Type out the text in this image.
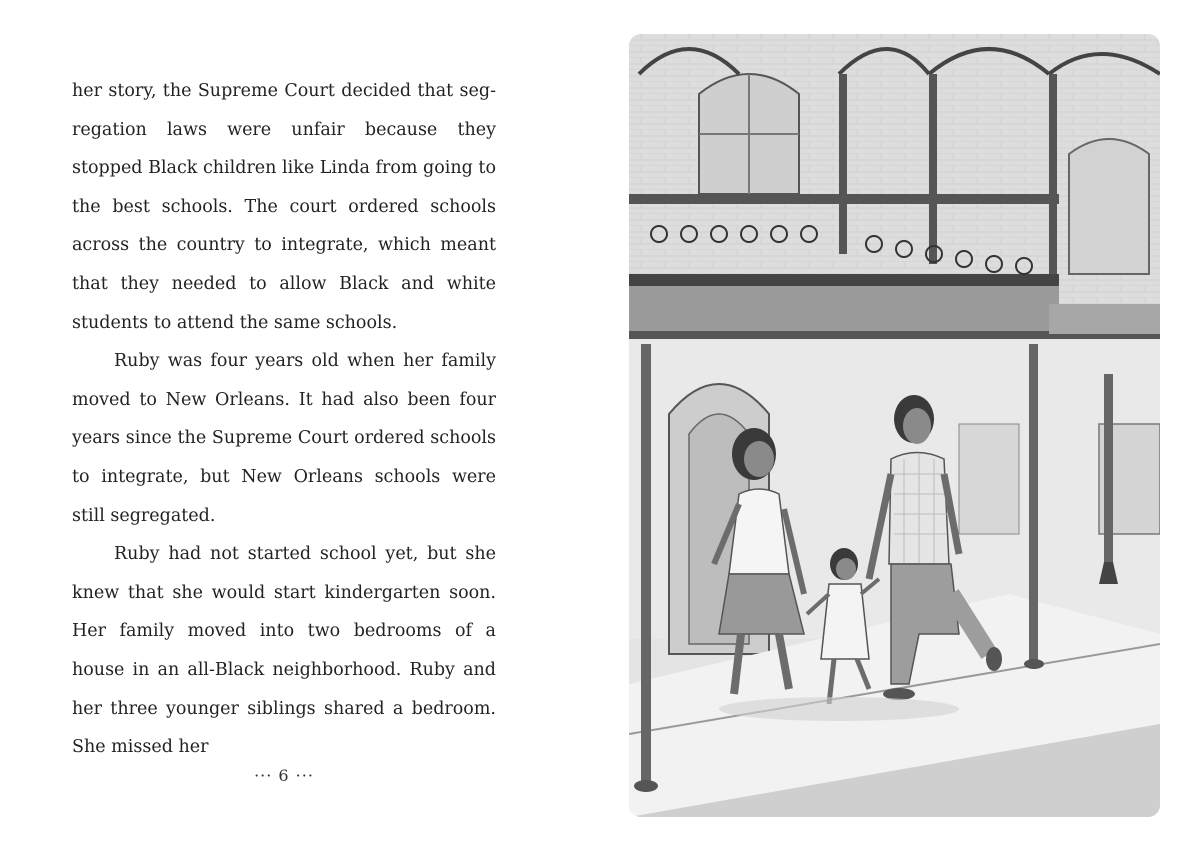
her story, the Supreme Court decided that segregation laws were unfair because they stopped Black children like Linda from going to the best schools. The court ordered schools across the country to integrate, which meant that they needed to allow Black and white students to attend the same schools.

Ruby was four years old when her family moved to New Orleans. It had also been four years since the Supreme Court ordered schools to integrate, but New Orleans schools were still segregated.

Ruby had not started school yet, but she knew that she would start kindergarten soon. Her family moved into two bedrooms of a house in an all-Black neighborhood. Ruby and her three younger siblings shared a bedroom. She missed her

··· 6 ···
